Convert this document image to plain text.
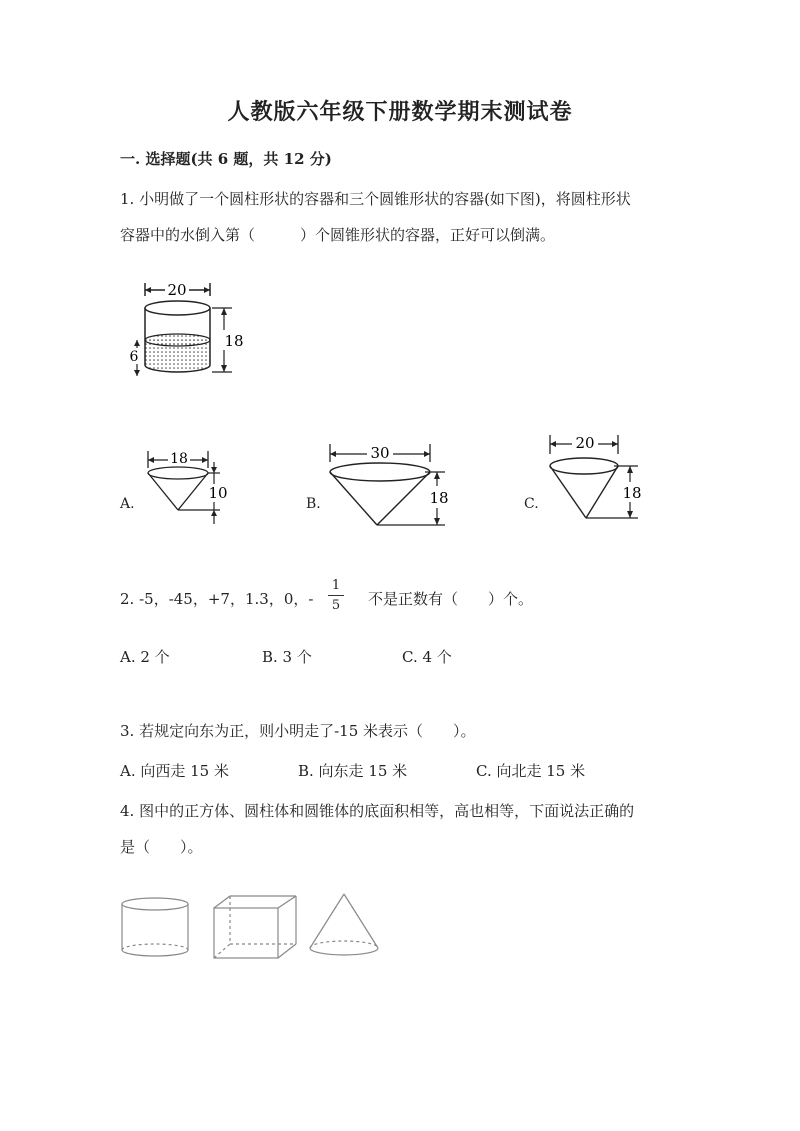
人教版六年级下册数学期末测试卷
一. 选择题(共 6 题，共 12 分)
1. 小明做了一个圆柱形状的容器和三个圆锥形状的容器(如下图)，将圆柱形状
容器中的水倒入第（　　　）个圆锥形状的容器，正好可以倒满。
20
18
6
A.
18
10
B.
30
18	C.
20
18
2. -5，-45，+7，1.3，0，-
1
5 不是正数有（　　）个。
A. 2 个	B. 3 个	C. 4 个
3. 若规定向东为正，则小明走了-15 米表示（　　）。
A. 向西走 15 米	B. 向东走 15 米	C. 向北走 15 米
4. 图中的正方体、圆柱体和圆锥体的底面积相等，高也相等，下面说法正确的
是（　　）。
